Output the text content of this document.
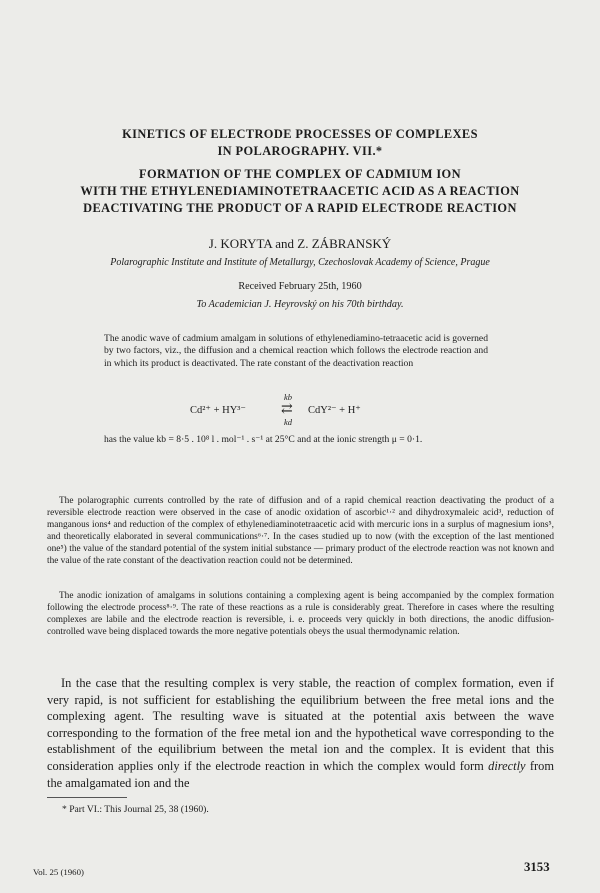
KINETICS OF ELECTRODE PROCESSES OF COMPLEXES
IN POLAROGRAPHY. VII.*
FORMATION OF THE COMPLEX OF CADMIUM ION
WITH THE ETHYLENEDIAMINOTETRAACETIC ACID AS A REACTION
DEACTIVATING THE PRODUCT OF A RAPID ELECTRODE REACTION
J. KORYTA and Z. ZÁBRANSKÝ
Polarographic Institute and Institute of Metallurgy, Czechoslovak Academy of Science, Prague
Received February 25th, 1960
To Academician J. Heyrovský on his 70th birthday.

The anodic wave of cadmium amalgam in solutions of ethylenediamino-tetraacetic acid is governed by two factors, viz., the diffusion and a chemical reaction which follows the electrode reaction and in which its product is deactivated. The rate constant of the deactivation reaction

Cd²⁺ + HY³⁻
kb
⇄
kd
CdY²⁻ + H⁺

has the value kb = 8·5 . 10⁸ l . mol⁻¹ . s⁻¹ at 25°C and at the ionic strength μ = 0·1.

The polarographic currents controlled by the rate of diffusion and of a rapid chemical reaction deactivating the product of a reversible electrode reaction were observed in the case of anodic oxidation of ascorbic¹·² and dihydroxymaleic acid³, reduction of manganous ions⁴ and reduction of the complex of ethylenediaminotetraacetic acid with mercuric ions in a surplus of magnesium ions⁵, and theoretically elaborated in several communications⁶·⁷. In the cases studied up to now (with the exception of the last mentioned one⁵) the value of the standard potential of the system initial substance — primary product of the electrode reaction was not known and the value of the rate constant of the deactivation reaction could not be determined.

The anodic ionization of amalgams in solutions containing a complexing agent is being accompanied by the complex formation following the electrode process⁸·⁹. The rate of these reactions as a rule is considerably great. Therefore in cases where the resulting complexes are labile and the electrode reaction is reversible, i. e. proceeds very quickly in both directions, the anodic diffusion-controlled wave being displaced towards the more negative potentials obeys the usual thermodynamic relation.

In the case that the resulting complex is very stable, the reaction of complex formation, even if very rapid, is not sufficient for establishing the equilibrium between the free metal ions and the complexing agent. The resulting wave is situated at the potential axis between the wave corresponding to the formation of the free metal ion and the hypothetical wave corresponding to the establishment of the equilibrium between the metal ion and the complex. It is evident that this consideration applies only if the electrode reaction in which the complex would form directly from the amalgamated ion and the

* Part VI.: This Journal 25, 38 (1960).
Vol. 25 (1960)	3153
